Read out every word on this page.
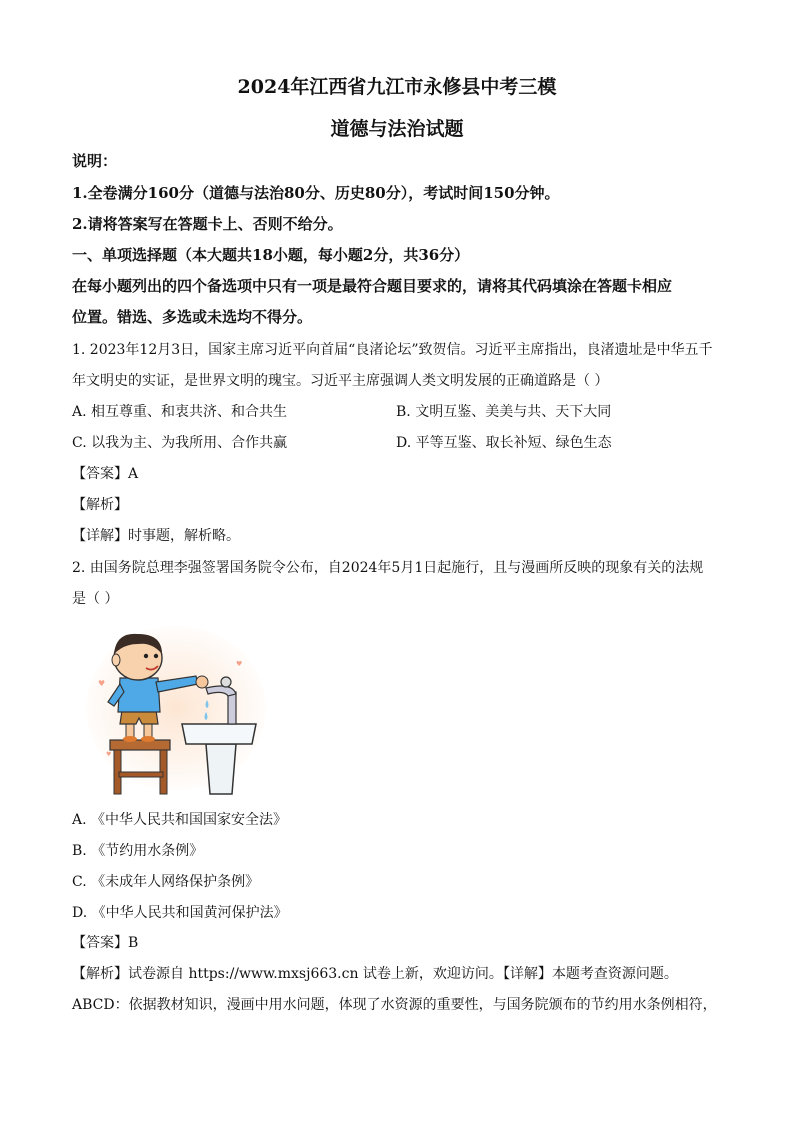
2024年江西省九江市永修县中考三模
道德与法治试题
说明：
1.全卷满分160分（道德与法治80分、历史80分），考试时间150分钟。
2.请将答案写在答题卡上、否则不给分。
一、单项选择题（本大题共18小题，每小题2分，共36分）
在每小题列出的四个备选项中只有一项是最符合题目要求的，请将其代码填涂在答题卡相应
位置。错选、多选或未选均不得分。
1. 2023年12月3日，国家主席习近平向首届“良渚论坛”致贺信。习近平主席指出，良渚遗址是中华五千
年文明史的实证，是世界文明的瑰宝。习近平主席强调人类文明发展的正确道路是（ ）
A. 相互尊重、和衷共济、和合共生	B. 文明互鉴、美美与共、天下大同
C. 以我为主、为我所用、合作共赢	D. 平等互鉴、取长补短、绿色生态
【答案】A
【解析】
【详解】时事题，解析略。
2. 由国务院总理李强签署国务院令公布，自2024年5月1日起施行，且与漫画所反映的现象有关的法规
是（ ）
♥
♥
♥
A. 《中华人民共和国国家安全法》
B. 《节约用水条例》
C. 《未成年人网络保护条例》
D. 《中华人民共和国黄河保护法》
【答案】B
【解析】试卷源自 https://www.mxsj663.cn 试卷上新，欢迎访问。【详解】本题考查资源问题。
ABCD：依据教材知识，漫画中用水问题，体现了水资源的重要性，与国务院颁布的节约用水条例相符，
